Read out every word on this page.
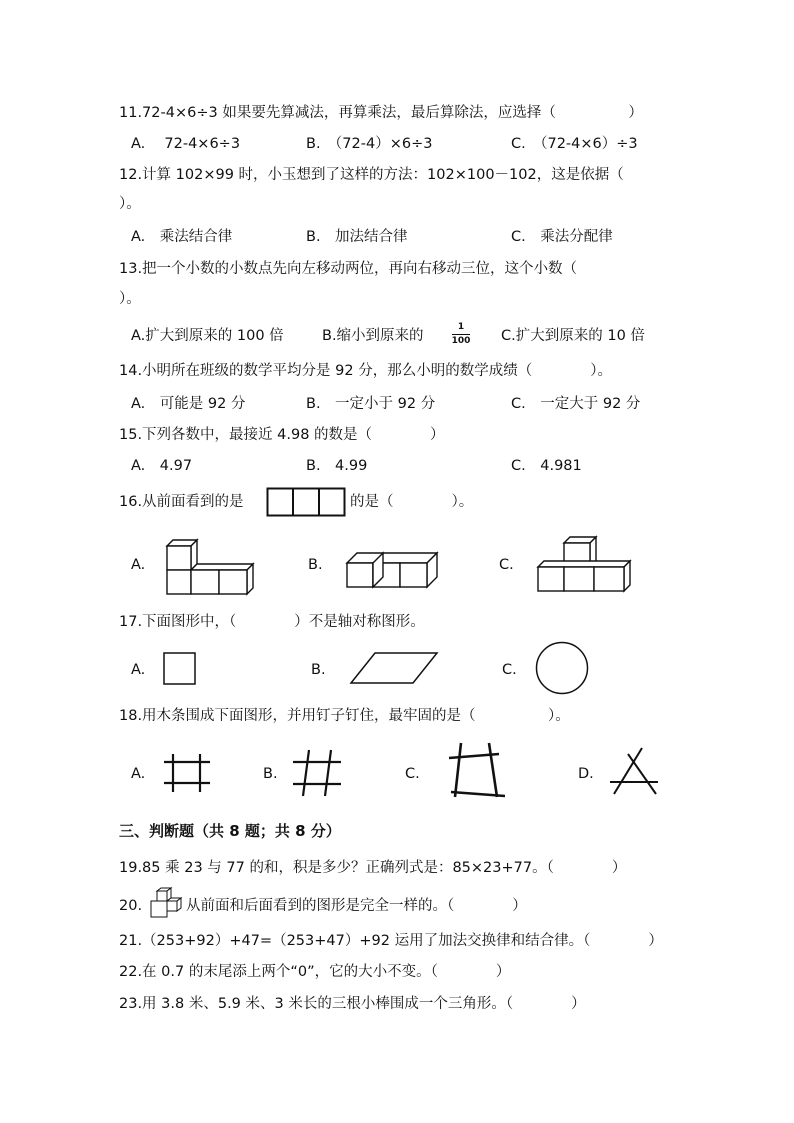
11.72-4×6÷3 如果要先算减法，再算乘法，最后算除法，应选择（　　　　　）
A.　 72-4×6÷3	B.　（72-4）×6÷3	C.　（72-4×6）÷3
12.计算 102×99 时，小玉想到了这样的方法：102×100－102，这是依据（
）。
A.　乘法结合律	B.　加法结合律	C.　乘法分配律
13.把一个小数的小数点先向左移动两位，再向右移动三位，这个小数（
）。
A.扩大到原来的 100 倍	B.缩小到原来的
1
100 C.扩大到原来的 10 倍
14.小明所在班级的数学平均分是 92 分，那么小明的数学成绩（　　　　）。
A.　可能是 92 分	B.　一定小于 92 分	C.　一定大于 92 分
15.下列各数中，最接近 4.98 的数是（　　　　）
A.　4.97	B.　4.99	C.　4.981
16.从前面看到的是	的是（　　　　）。
A.	B.	C.
17.下面图形中，（　　　　）不是轴对称图形。
A.	B.	C.
18.用木条围成下面图形，并用钉子钉住，最牢固的是（　　　　　）。
A.	B.	C.	D.
三、判断题（共 8 题；共 8 分）
19.85 乘 23 与 77 的和，积是多少？正确列式是：85×23+77。（　　　　）
20.	从前面和后面看到的图形是完全一样的。（　　　　）
21.（253+92）+47=（253+47）+92 运用了加法交换律和结合律。（　　　　）
22.在 0.7 的末尾添上两个“0”，它的大小不变。（　　　　）
23.用 3.8 米、5.9 米、3 米长的三根小棒围成一个三角形。（　　　　）
